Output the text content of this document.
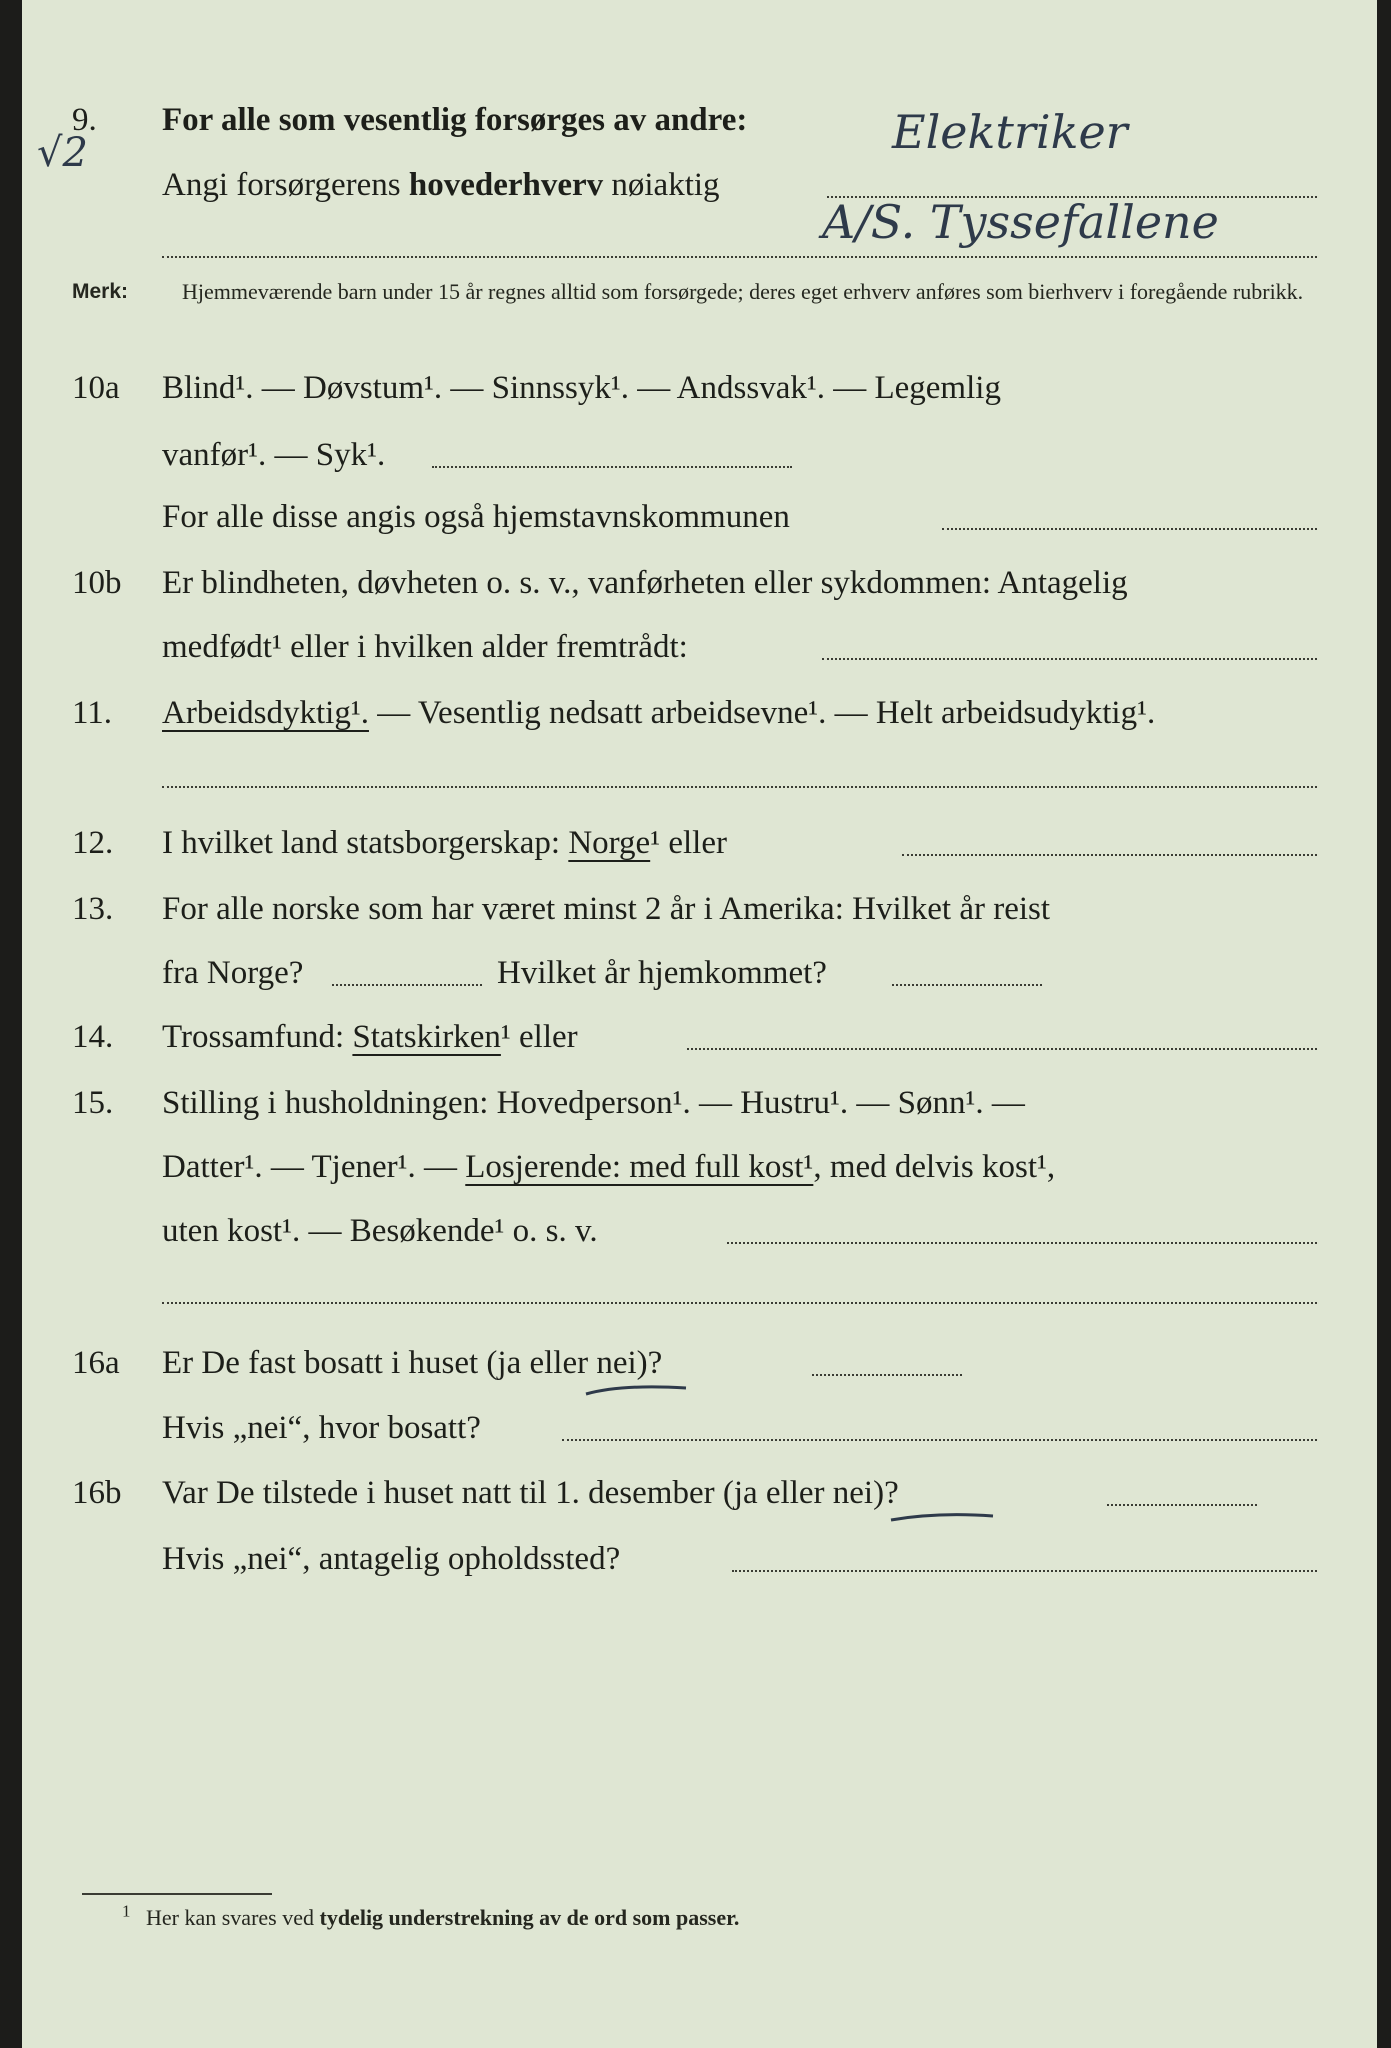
9. For alle som vesentlig forsørges av andre:
√2
Angi forsørgerens hovederhverv nøiaktig
Elektriker
A/S. Tyssefallene
Merk: Hjemmeværende barn under 15 år regnes alltid som forsørgede; deres eget erhverv anføres som bierhverv i foregående rubrikk.
10a Blind¹. — Døvstum¹. — Sinnssyk¹. — Andssvak¹. — Legemlig
vanfør¹. — Syk¹.
For alle disse angis også hjemstavnskommunen
10b Er blindheten, døvheten o. s. v., vanførheten eller sykdommen: Antagelig
medfødt¹ eller i hvilken alder fremtrådt:
11. Arbeidsdyktig¹. — Vesentlig nedsatt arbeidsevne¹. — Helt arbeidsudyktig¹.
12. I hvilket land statsborgerskap: Norge ¹ eller
13. For alle norske som har været minst 2 år i Amerika: Hvilket år reist
fra Norge?	Hvilket år hjemkommet?
14. Trossamfund: Statskirken ¹ eller
15. Stilling i husholdningen: Hovedperson¹. — Hustru¹. — Sønn¹. —
Datter¹. — Tjener¹. — Losjerende: med full kost¹ , med delvis kost¹,
uten kost¹. — Besøkende¹ o. s. v.
16a Er De fast bosatt i huset (ja eller nei)?
Hvis „nei“, hvor bosatt?
16b Var De tilstede i huset natt til 1. desember (ja eller nei)?
Hvis „nei“, antagelig opholdssted?
$^1$ Her kan svares ved tydelig understrekning av de ord som passer.
